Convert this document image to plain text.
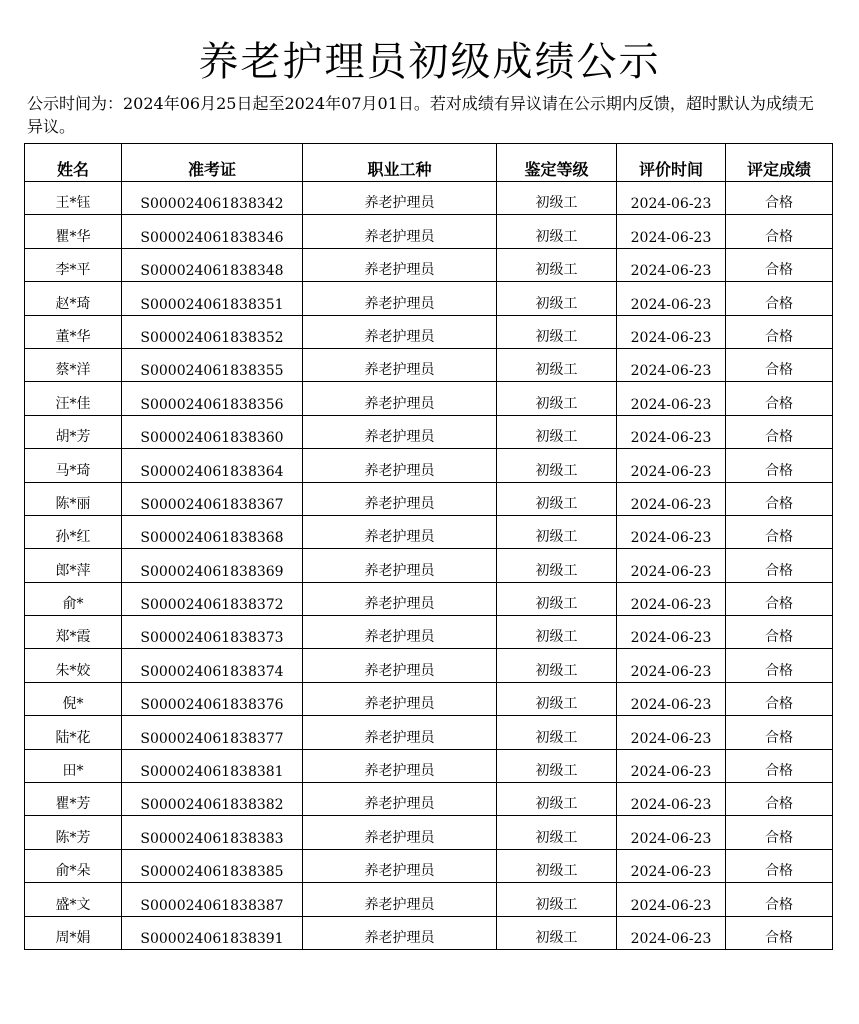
养老护理员初级成绩公示
公示时间为：2024年06月25日起至2024年07月01日。若对成绩有异议请在公示期内反馈，超时默认为成绩无异议。
姓名	准考证	职业工种	鉴定等级	评价时间	评定成绩
王*钰	S000024061838342	养老护理员	初级工	2024-06-23	合格
瞿*华	S000024061838346	养老护理员	初级工	2024-06-23	合格
李*平	S000024061838348	养老护理员	初级工	2024-06-23	合格
赵*琦	S000024061838351	养老护理员	初级工	2024-06-23	合格
董*华	S000024061838352	养老护理员	初级工	2024-06-23	合格
蔡*洋	S000024061838355	养老护理员	初级工	2024-06-23	合格
汪*佳	S000024061838356	养老护理员	初级工	2024-06-23	合格
胡*芳	S000024061838360	养老护理员	初级工	2024-06-23	合格
马*琦	S000024061838364	养老护理员	初级工	2024-06-23	合格
陈*丽	S000024061838367	养老护理员	初级工	2024-06-23	合格
孙*红	S000024061838368	养老护理员	初级工	2024-06-23	合格
郎*萍	S000024061838369	养老护理员	初级工	2024-06-23	合格
俞*	S000024061838372	养老护理员	初级工	2024-06-23	合格
郑*霞	S000024061838373	养老护理员	初级工	2024-06-23	合格
朱*姣	S000024061838374	养老护理员	初级工	2024-06-23	合格
倪*	S000024061838376	养老护理员	初级工	2024-06-23	合格
陆*花	S000024061838377	养老护理员	初级工	2024-06-23	合格
田*	S000024061838381	养老护理员	初级工	2024-06-23	合格
瞿*芳	S000024061838382	养老护理员	初级工	2024-06-23	合格
陈*芳	S000024061838383	养老护理员	初级工	2024-06-23	合格
俞*朵	S000024061838385	养老护理员	初级工	2024-06-23	合格
盛*文	S000024061838387	养老护理员	初级工	2024-06-23	合格
周*娟	S000024061838391	养老护理员	初级工	2024-06-23	合格
